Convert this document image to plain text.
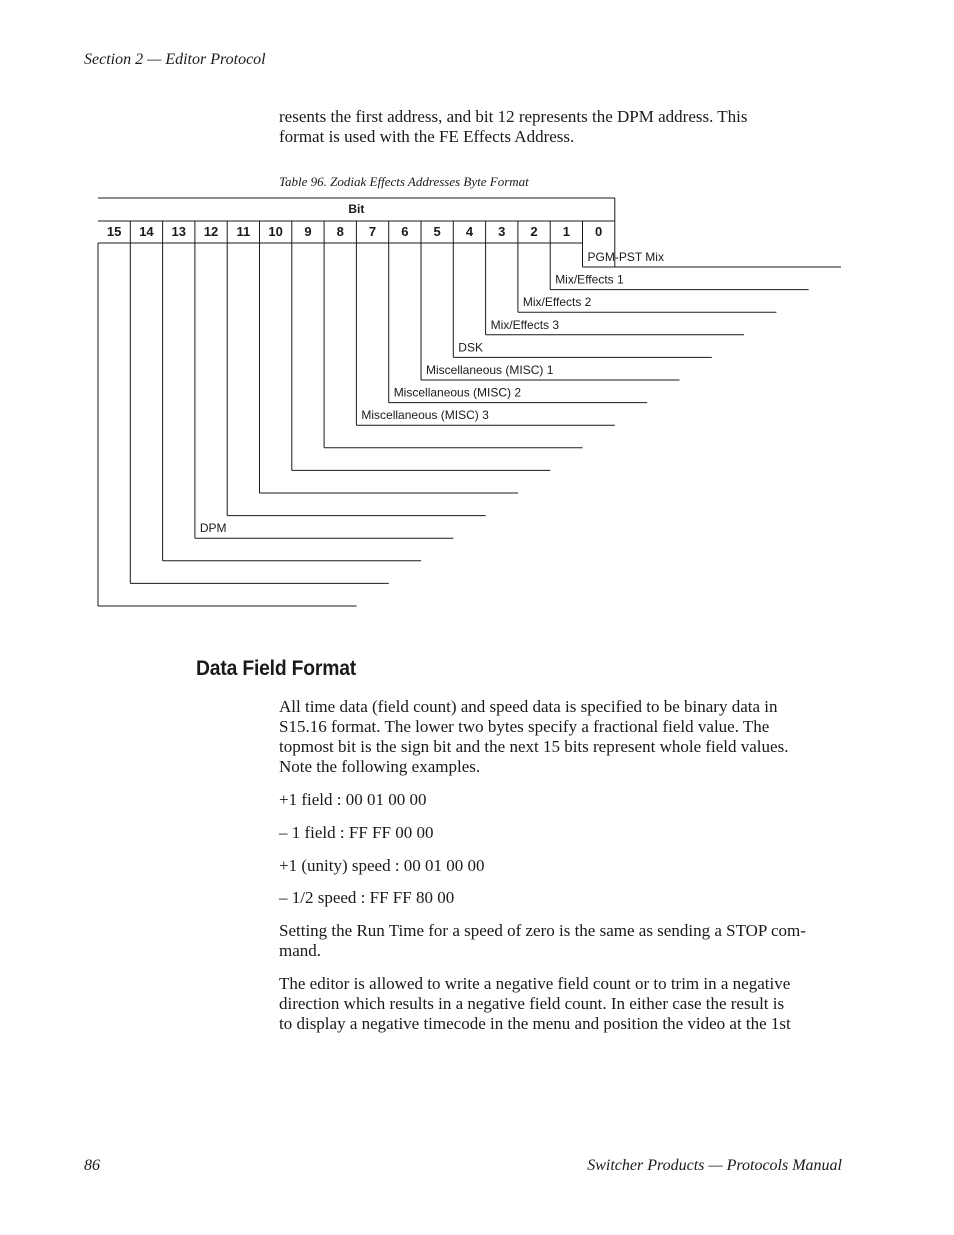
Section 2 — Editor Protocol
resents the first address, and bit 12 represents the DPM address. This
format is used with the FE Effects Address.
Table 96. Zodiak Effects Addresses Byte Format
Bit
15 14 13 12 11 10 9 8 7 6 5 4 3 2 1 0
PGM-PST Mix
Mix/Effects 1
Mix/Effects 2
Mix/Effects 3
DSK
Miscellaneous (MISC) 1
Miscellaneous (MISC) 2
Miscellaneous (MISC) 3
DPM
Data Field Format
All time data (field count) and speed data is specified to be binary data in
S15.16 format. The lower two bytes specify a fractional field value. The
topmost bit is the sign bit and the next 15 bits represent whole field values.
Note the following examples.
+1 field : 00 01 00 00
– 1 field : FF FF 00 00
+1 (unity) speed : 00 01 00 00
– 1/2 speed : FF FF 80 00
Setting the Run Time for a speed of zero is the same as sending a STOP com-
mand.
The editor is allowed to write a negative field count or to trim in a negative
direction which results in a negative field count. In either case the result is
to display a negative timecode in the menu and position the video at the 1st
86	Switcher Products — Protocols Manual
